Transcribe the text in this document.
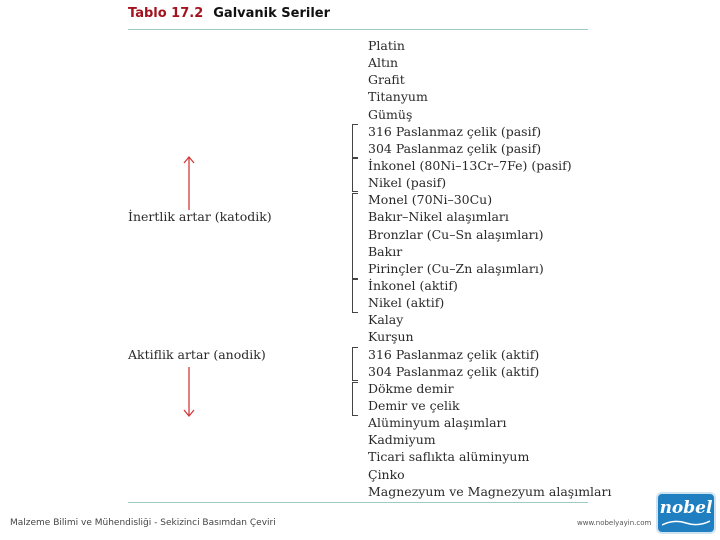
Tablo 17.2 Galvanik Seriler
Platin
Altın
Grafit
Titanyum
Gümüş
316 Paslanmaz çelik (pasif)
304 Paslanmaz çelik (pasif)
İnkonel (80Ni–13Cr–7Fe) (pasif)
Nikel (pasif)
Monel (70Ni–30Cu)
Bakır–Nikel alaşımları
Bronzlar (Cu–Sn alaşımları)
Bakır
Pirinçler (Cu–Zn alaşımları)
İnkonel (aktif)
Nikel (aktif)
Kalay
Kurşun
316 Paslanmaz çelik (aktif)
304 Paslanmaz çelik (aktif)
Dökme demir
Demir ve çelik
Alüminyum alaşımları
Kadmiyum
Ticari saflıkta alüminyum
Çinko
Magnezyum ve Magnezyum alaşımları
İnertlik artar (katodik)
Aktiflik artar (anodik)
Malzeme Bilimi ve Mühendisliği - Sekizinci Basımdan Çeviri	www.nobelyayin.com
nobel
